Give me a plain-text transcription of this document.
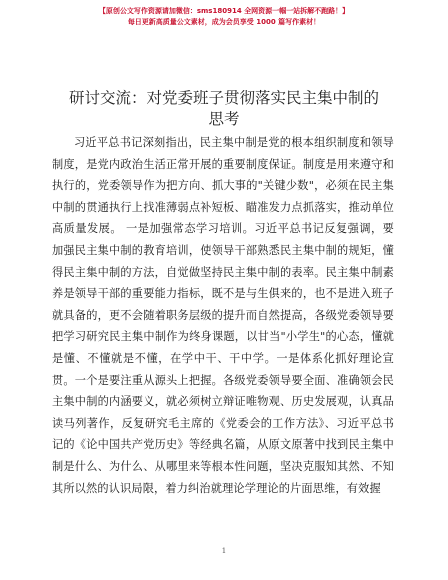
【原创公文写作资源请加微信：sms180914 全网资源一帼一站拆解不跑路！】
每日更新高质量公文素材，成为会员享受 1000 篇写作素材！
研讨交流：对党委班子贯彻落实民主集中制的
思考

习近平总书记深刻指出，民主集中制是党的根本组织制度和领导制度，是党内政治生活正常开展的重要制度保证。制度是用来遵守和执行的，党委领导作为把方向、抓大事的"关键少数"，必须在民主集中制的贯通执行上找准薄弱点补短板、瞄准发力点抓落实，推动单位高质量发展。 一是加强常态学习培训。习近平总书记反复强调，要加强民主集中制的教育培训，使领导干部熟悉民主集中制的规矩，懂得民主集中制的方法，自觉做坚持民主集中制的表率。民主集中制素养是领导干部的重要能力指标，既不是与生俱来的，也不是进入班子就具备的，更不会随着职务层级的提升而自然提高，各级党委领导要把学习研究民主集中制作为终身课题，以甘当"小学生"的心态，懂就是懂、不懂就是不懂，在学中干、干中学。一是体系化抓好理论宣贯。一个是要注重从源头上把握。各级党委领导要全面、准确领会民主集中制的内涵要义，就必须树立辩证唯物观、历史发展观，认真品读马列著作，反复研究毛主席的《党委会的工作方法》、习近平总书记的《论中国共产党历史》等经典名篇，从原文原著中找到民主集中制是什么、为什么、从哪里来等根本性问题，坚决克服知其然、不知其所以然的认识局限，着力纠治就理论学理论的片面思维，有效握

1
